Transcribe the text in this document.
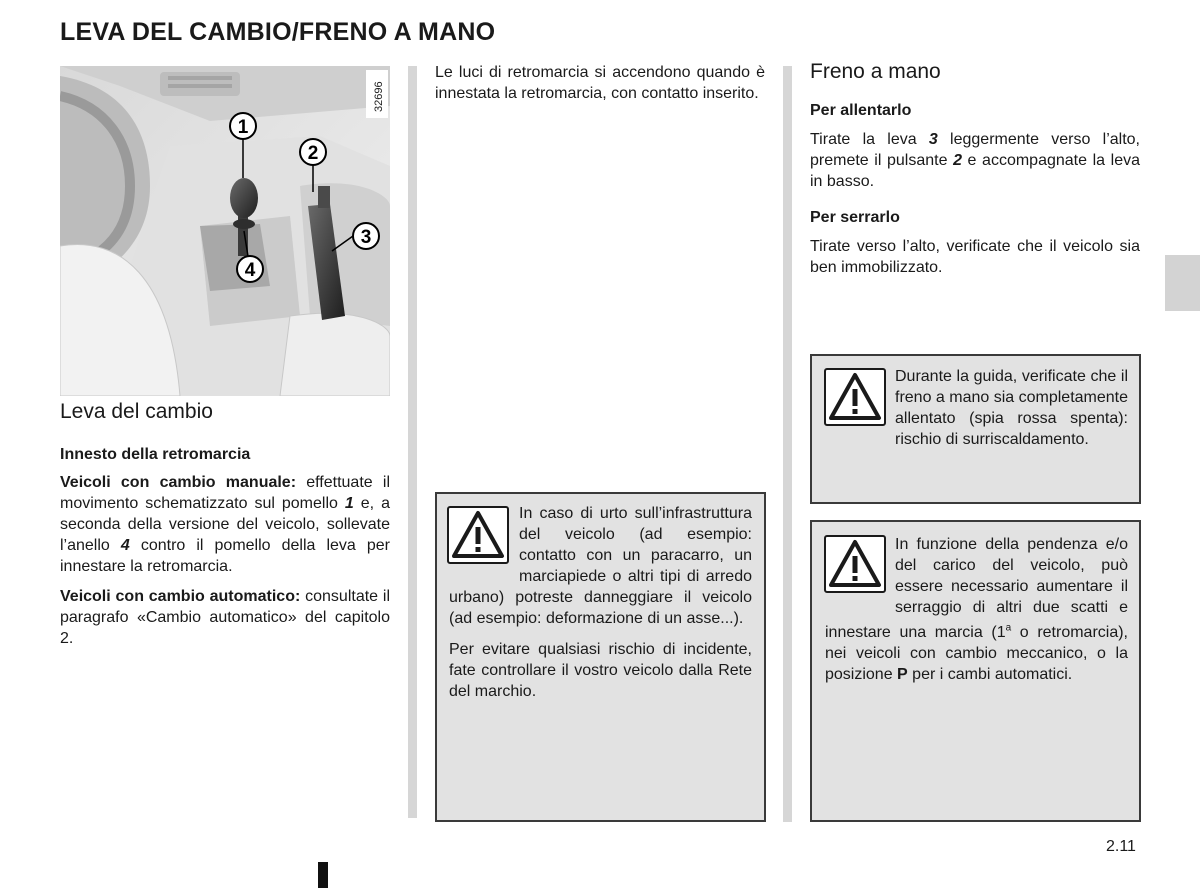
LEVA DEL CAMBIO/FRENO A MANO
1
2
3
4
32696
Leva del cambio
Innesto della retromarcia

Veicoli con cambio manuale: effettuate il movimento schematizzato sul pomello 1 e, a seconda della versione del veicolo, sollevate l’anello 4 contro il pomello della leva per innestare la retromarcia.

Veicoli con cambio automatico: consultate il paragrafo «Cambio automatico» del capitolo 2.

Le luci di retromarcia si accendono quando è innestata la retromarcia, con contatto inserito.

In caso di urto sull’infrastruttura del veicolo (ad esempio: contatto con un paracarro, un marciapiede o altri tipi di arredo urbano) potreste danneggiare il veicolo (ad esempio: deformazione di un asse...).
Per evitare qualsiasi rischio di incidente, fate controllare il vostro veicolo dalla Rete del marchio.
Freno a mano
Per allentarlo

Tirate la leva 3 leggermente verso l’alto, premete il pulsante 2 e accompagnate la leva in basso.

Per serrarlo

Tirate verso l’alto, verificate che il veicolo sia ben immobilizzato.

Durante la guida, verificate che il freno a mano sia completamente allentato (spia rossa spenta): rischio di surriscaldamento.
In funzione della pendenza e/o del carico del veicolo, può essere necessario aumentare il serraggio di altri due scatti e innestare una marcia (1$^a$ o retromarcia), nei veicoli con cambio meccanico, o la posizione P per i cambi automatici.
2.11
